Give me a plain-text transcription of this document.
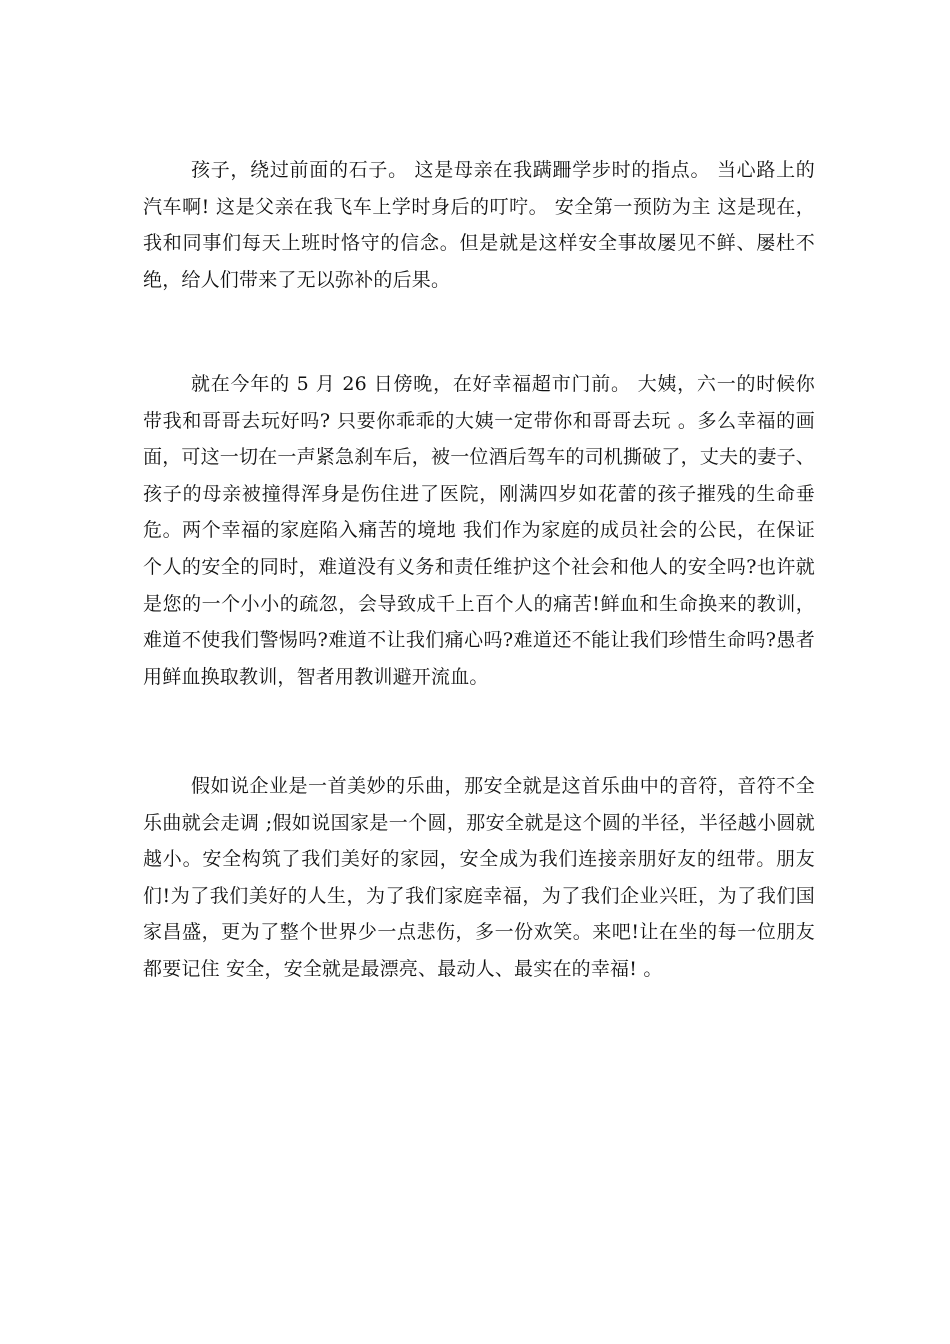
孩子，绕过前面的石子。 这是母亲在我蹒跚学步时的指点。 当心路上的汽车啊! 这是父亲在我飞车上学时身后的叮咛。 安全第一预防为主 这是现在，我和同事们每天上班时恪守的信念。但是就是这样安全事故屡见不鲜、屡杜不绝，给人们带来了无以弥补的后果。

就在今年的 5 月 26 日傍晚，在好幸福超市门前。 大姨，六一的时候你带我和哥哥去玩好吗? 只要你乖乖的大姨一定带你和哥哥去玩 。多么幸福的画面，可这一切在一声紧急刹车后，被一位酒后驾车的司机撕破了，丈夫的妻子、孩子的母亲被撞得浑身是伤住进了医院，刚满四岁如花蕾的孩子摧残的生命垂危。两个幸福的家庭陷入痛苦的境地 我们作为家庭的成员社会的公民，在保证个人的安全的同时，难道没有义务和责任维护这个社会和他人的安全吗?也许就是您的一个小小的疏忽，会导致成千上百个人的痛苦!鲜血和生命换来的教训，难道不使我们警惕吗?难道不让我们痛心吗?难道还不能让我们珍惜生命吗?愚者用鲜血换取教训，智者用教训避开流血。

假如说企业是一首美妙的乐曲，那安全就是这首乐曲中的音符，音符不全乐曲就会走调 ;假如说国家是一个圆，那安全就是这个圆的半径，半径越小圆就越小。安全构筑了我们美好的家园，安全成为我们连接亲朋好友的纽带。朋友们!为了我们美好的人生，为了我们家庭幸福，为了我们企业兴旺，为了我们国家昌盛，更为了整个世界少一点悲伤，多一份欢笑。来吧!让在坐的每一位朋友都要记住 安全，安全就是最漂亮、最动人、最实在的幸福! 。
